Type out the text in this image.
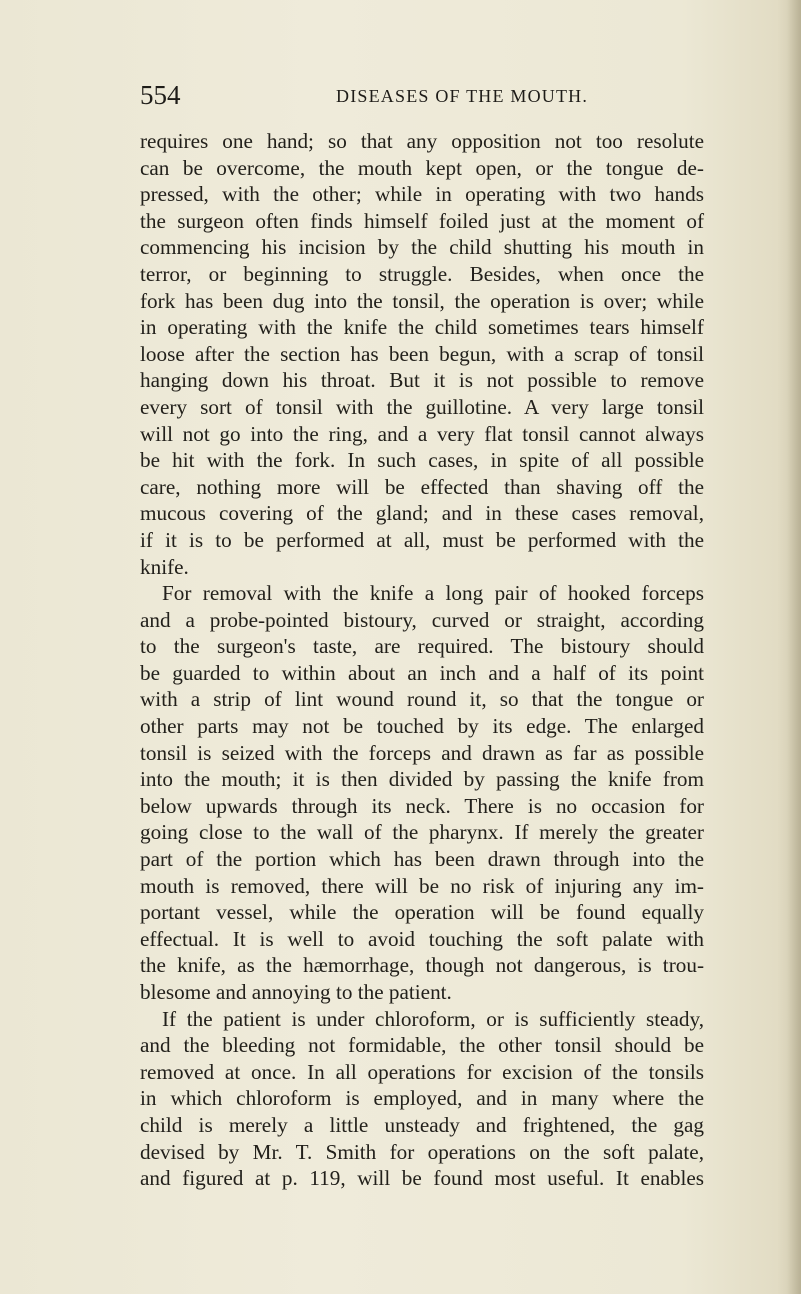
554	DISEASES OF THE MOUTH.
requires one hand; so that any opposition not too resolute
can be overcome, the mouth kept open, or the tongue de-
pressed, with the other; while in operating with two hands
the surgeon often finds himself foiled just at the moment of
commencing his incision by the child shutting his mouth in
terror, or beginning to struggle. Besides, when once the
fork has been dug into the tonsil, the operation is over; while
in operating with the knife the child sometimes tears himself
loose after the section has been begun, with a scrap of tonsil
hanging down his throat. But it is not possible to remove
every sort of tonsil with the guillotine. A very large tonsil
will not go into the ring, and a very flat tonsil cannot always
be hit with the fork. In such cases, in spite of all possible
care, nothing more will be effected than shaving off the
mucous covering of the gland; and in these cases removal,
if it is to be performed at all, must be performed with the
knife.
For removal with the knife a long pair of hooked forceps
and a probe-pointed bistoury, curved or straight, according
to the surgeon's taste, are required. The bistoury should
be guarded to within about an inch and a half of its point
with a strip of lint wound round it, so that the tongue or
other parts may not be touched by its edge. The enlarged
tonsil is seized with the forceps and drawn as far as possible
into the mouth; it is then divided by passing the knife from
below upwards through its neck. There is no occasion for
going close to the wall of the pharynx. If merely the greater
part of the portion which has been drawn through into the
mouth is removed, there will be no risk of injuring any im-
portant vessel, while the operation will be found equally
effectual. It is well to avoid touching the soft palate with
the knife, as the hæmorrhage, though not dangerous, is trou-
blesome and annoying to the patient.
If the patient is under chloroform, or is sufficiently steady,
and the bleeding not formidable, the other tonsil should be
removed at once. In all operations for excision of the tonsils
in which chloroform is employed, and in many where the
child is merely a little unsteady and frightened, the gag
devised by Mr. T. Smith for operations on the soft palate,
and figured at p. 119, will be found most useful. It enables
